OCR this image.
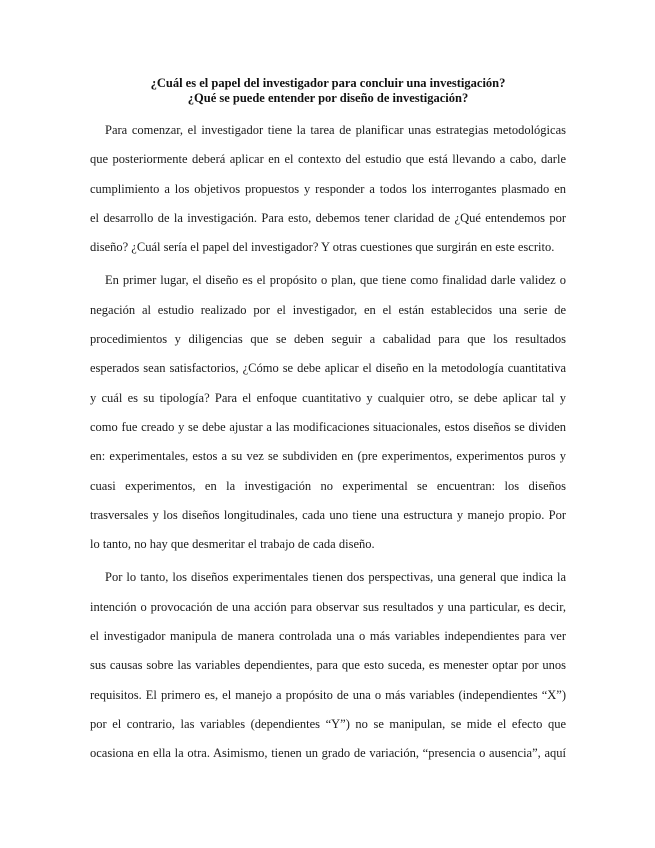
¿Cuál es el papel del investigador para concluir una investigación?
¿Qué se puede entender por diseño de investigación?

Para comenzar, el investigador tiene la tarea de planificar unas estrategias metodológicas
que posteriormente deberá aplicar en el contexto del estudio que está llevando a cabo, darle
cumplimiento a los objetivos propuestos y responder a todos los interrogantes plasmado en
el desarrollo de la investigación. Para esto, debemos tener claridad de ¿Qué entendemos por
diseño? ¿Cuál sería el papel del investigador? Y otras cuestiones que surgirán en este escrito.

En primer lugar, el diseño es el propósito o plan, que tiene como finalidad darle validez o
negación al estudio realizado por el investigador, en el están establecidos una serie de
procedimientos y diligencias que se deben seguir a cabalidad para que los resultados
esperados sean satisfactorios, ¿Cómo se debe aplicar el diseño en la metodología cuantitativa
y cuál es su tipología? Para el enfoque cuantitativo y cualquier otro, se debe aplicar tal y
como fue creado y se debe ajustar a las modificaciones situacionales, estos diseños se dividen
en: experimentales, estos a su vez se subdividen en (pre experimentos, experimentos puros y
cuasi experimentos, en la investigación no experimental se encuentran: los diseños
trasversales y los diseños longitudinales, cada uno tiene una estructura y manejo propio. Por
lo tanto, no hay que desmeritar el trabajo de cada diseño.

Por lo tanto, los diseños experimentales tienen dos perspectivas, una general que indica la
intención o provocación de una acción para observar sus resultados y una particular, es decir,
el investigador manipula de manera controlada una o más variables independientes para ver
sus causas sobre las variables dependientes, para que esto suceda, es menester optar por unos
requisitos. El primero es, el manejo a propósito de una o más variables (independientes “X”)
por el contrario, las variables (dependientes “Y”) no se manipulan, se mide el efecto que
ocasiona en ella la otra. Asimismo, tienen un grado de variación, “presencia o ausencia”, aquí
